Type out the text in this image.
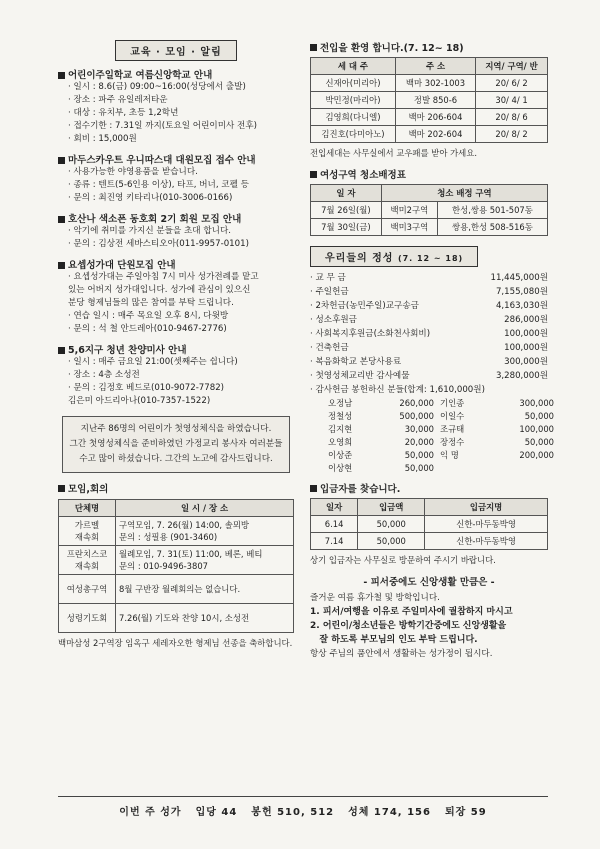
교육 · 모임 · 알림
어린이주일학교 여름신앙학교 안내
· 일시 : 8.6(금) 09:00~16:00(성당에서 출발)
· 장소 : 파주 유일레저타운
· 대상 : 유치부, 초등 1,2학년
· 접수기한 : 7.31일 까지(토요일 어린이미사 전후)
· 회비 : 15,000원
마두스카우트 우니따스대 대원모집 접수 안내
· 사용가능한 야영용품을 받습니다.
· 종류 : 텐트(5-6인용 이상), 타프, 버너, 코펠 등
· 문의 : 최진영 키타리나(010-3006-0166)
호산나 색소폰 동호회 2기 회원 모집 안내
· 악기에 취미를 가지신 분들을 초대 합니다.
· 문의 : 김상전 세바스티오아(011-9957-0101)
요셉성가대 단원모집 안내
· 요셉성가대는 주일아침 7시 미사 성가전례를 맡고
있는 어버지 성가대입니다. 성가에 관심이 있으신
분당 형제님들의 많은 참여를 부탁 드립니다.
· 연습 일시 : 매주 목요일 오후 8시, 다윗방
· 문의 : 석 철 안드레아(010-9467-2776)
5,6지구 청년 찬양미사 안내
· 일시 : 매주 금요일 21:00(셋째주는 쉽니다)
· 장소 : 4층 소성전
· 문의 : 김정호 베드로(010-9072-7782)
김은미 아드리아나(010-7357-1522)
지난주 86명의 어린이가 첫영성체식을 하였습니다.
그간 첫영성체식을 준비하였던 가정교리 봉사자 여러분들
수고 많이 하셨습니다. 그간의 노고에 감사드립니다.
모임,회의
단체명	일 시 / 장 소
가르멜
재속회	구역모임, 7. 26(월) 14:00, 솔뫼방
문의 : 성필용 (901-3460)
프란치스코
재속회	월례모임, 7. 31(토) 11:00, 베론, 베티
문의 : 010-9496-3807
여성총구역	8월 구반장 월례회의는 없습니다.
성령기도회	7.26(월) 기도와 찬양 10시, 소성전
백마삼성 2구역장 임옥구 세레자오한 형제님 선종을 축하합니다.
전입을 환영 합니다.(7. 12~ 18)
세 대 주	주 소	지역/ 구역/ 반
신재아(미리아)	백마 302-1003	20/ 6/ 2
박민정(마리아)	정발 850-6	30/ 4/ 1
김영희(다니엘)	백마 206-604	20/ 8/ 6
김진호(다미아노)	백마 202-604	20/ 8/ 2
전입세대는 사무실에서 교우패를 받아 가세요.
여성구역 청소배정표
일 자	청소 배정 구역	
7월 26일(월)	백미2구역	한성,쌍용 501-507동
7월 30일(금)	백미3구역	쌍용,한성 508-516동
우리들의 정성 (7. 12 ~ 18)
· 교 무 금	11,445,000원
· 주일헌금	7,155,080원
· 2차헌금(농민주일)교구송금	4,163,030원
· 성소후원금	286,000원
· 사회복지후원금(소화천사회비)	100,000원
· 건축헌금	100,000원
· 복음화학교 본당사용료	300,000원
· 첫영성체교리반 감사예물	3,280,000원
· 감사헌금 봉헌하신 분들(합계: 1,610,000원)
오정남	260,000 기인종	300,000
정철성	500,000 이일수	50,000
김지현	30,000 조규태	100,000
오영희	20,000 장정수	50,000
이상준	50,000 익 명	200,000
이상현	50,000
입금자를 찾습니다.
일자	입금액	입금지명
6.14	50,000	신한-마두동박영
7.14	50,000	신한-마두동박영
상기 입금자는 사무실로 방문하여 주시기 바랍니다.
- 피서중에도 신앙생활 만큼은 -
즐거운 여름 휴가철 및 방학입니다.
1. 피서/여행을 이유로 주일미사에 궐참하지 마시고
2. 어린이/청소년들은 방학기간중에도 신앙생활을
잘 하도록 부모님의 인도 부탁 드립니다.
항상 주님의 품안에서 생활하는 성가정이 됩시다.
이번 주 성가 입당 44 봉헌 510, 512 성체 174, 156 퇴장 59
